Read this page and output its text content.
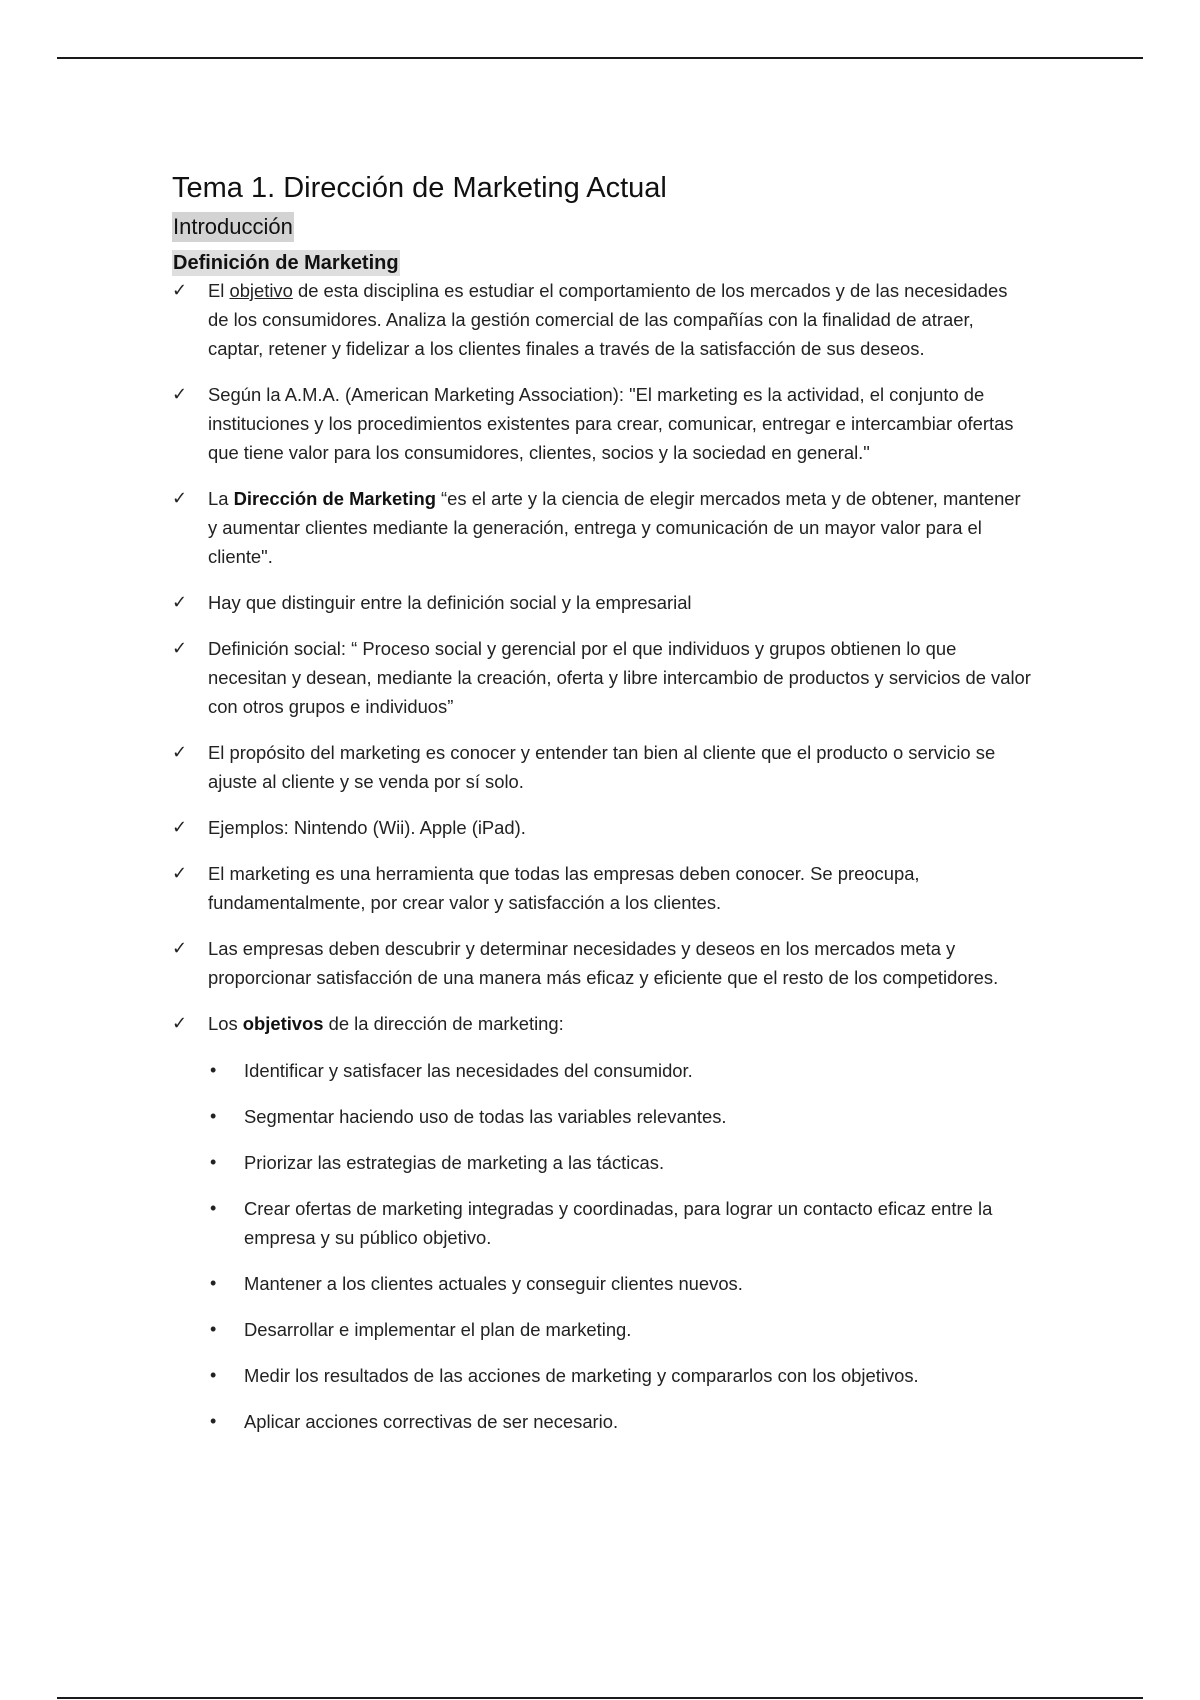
Tema 1. Dirección de Marketing Actual
Introducción
Definición de Marketing
✓ El objetivo de esta disciplina es estudiar el comportamiento de los mercados y de las necesidades de los consumidores. Analiza la gestión comercial de las compañías con la finalidad de atraer, captar, retener y fidelizar a los clientes finales a través de la satisfacción de sus deseos.
✓ Según la A.M.A. (American Marketing Association): "El marketing es la actividad, el conjunto de instituciones y los procedimientos existentes para crear, comunicar, entregar e intercambiar ofertas que tiene valor para los consumidores, clientes, socios y la sociedad en general."
✓ La Dirección de Marketing “es el arte y la ciencia de elegir mercados meta y de obtener, mantener y aumentar clientes mediante la generación, entrega y comunicación de un mayor valor para el cliente".
✓ Hay que distinguir entre la definición social y la empresarial
✓ Definición social: “ Proceso social y gerencial por el que individuos y grupos obtienen lo que necesitan y desean, mediante la creación, oferta y libre intercambio de productos y servicios de valor con otros grupos e individuos”
✓ El propósito del marketing es conocer y entender tan bien al cliente que el producto o servicio se ajuste al cliente y se venda por sí solo.
✓ Ejemplos: Nintendo (Wii). Apple (iPad).
✓ El marketing es una herramienta que todas las empresas deben conocer. Se preocupa, fundamentalmente, por crear valor y satisfacción a los clientes.
✓ Las empresas deben descubrir y determinar necesidades y deseos en los mercados meta y proporcionar satisfacción de una manera más eficaz y eficiente que el resto de los competidores.
✓ Los objetivos de la dirección de marketing:
• Identificar y satisfacer las necesidades del consumidor.
• Segmentar haciendo uso de todas las variables relevantes.
• Priorizar las estrategias de marketing a las tácticas.
• Crear ofertas de marketing integradas y coordinadas, para lograr un contacto eficaz entre la empresa y su público objetivo.
• Mantener a los clientes actuales y conseguir clientes nuevos.
• Desarrollar e implementar el plan de marketing.
• Medir los resultados de las acciones de marketing y compararlos con los objetivos.
• Aplicar acciones correctivas de ser necesario.
